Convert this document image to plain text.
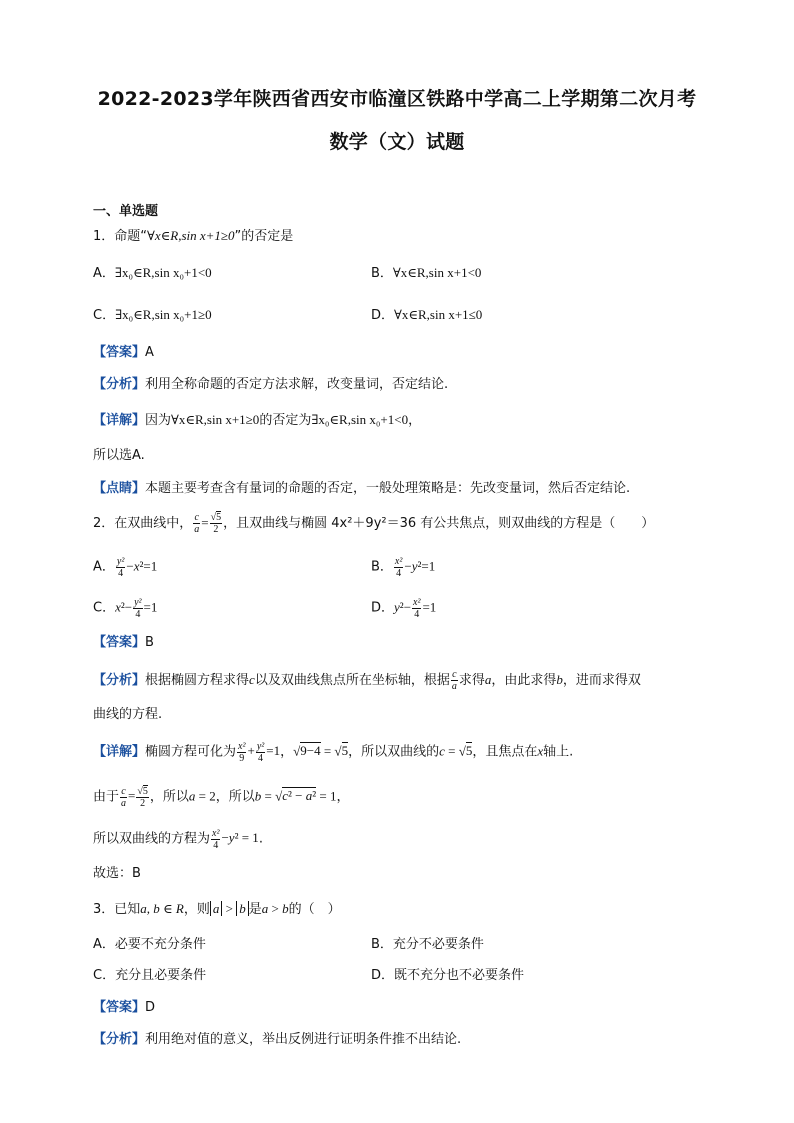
2022-2023学年陕西省西安市临潼区铁路中学高二上学期第二次月考
数学（文）试题
一、单选题
1．命题“∀x∈R,sin x+1≥0”的否定是
A．∃x₀∈R,sin x₀+1<0	B．∀x∈R,sin x+1<0
C．∃x₀∈R,sin x₀+1≥0	D．∀x∈R,sin x+1≤0
【答案】A
【分析】利用全称命题的否定方法求解，改变量词，否定结论.
【详解】因为∀x∈R,sin x+1≥0的否定为∃x₀∈R,sin x₀+1<0，
所以选A.
【点睛】本题主要考查含有量词的命题的否定，一般处理策略是：先改变量词，然后否定结论.
2．在双曲线中， $\frac{c}{a} = \frac{√5}{2}$ ，且双曲线与椭圆 4x²＋9y²＝36 有公共焦点，则双曲线的方程是（　　）
A． $\frac{\text{y²}}{4} -x^2=1$	B． $\frac{\text{x²}}{4} -y^2=1$
C．$x^2- \frac{\text{y²}}{4} =1$	D．$y^2- \frac{\text{x²}}{4} =1$
【答案】B
【分析】根据椭圆方程求得c以及双曲线焦点所在坐标轴，根据 $\frac{c}{a}$ 求得a，由此求得b，进而求得双
曲线的方程.
【详解】椭圆方程可化为 $\frac{\text{x²}}{9} + \frac{\text{y²}}{4} =1$，√9−4 = √5，所以双曲线的c = √5，且焦点在x轴上.
由于 $\frac{c}{a} = \frac{√5}{2}$ ，所以a = 2，所以b = √c² − a² = 1，
所以双曲线的方程为 $\frac{\text{x²}}{4} -y^2 = 1$.
故选：B
3．已知a, b ∈ R，则 a > b 是a > b的（　）
A．必要不充分条件	B．充分不必要条件
C．充分且必要条件	D．既不充分也不必要条件
【答案】D
【分析】利用绝对值的意义，举出反例进行证明条件推不出结论.
